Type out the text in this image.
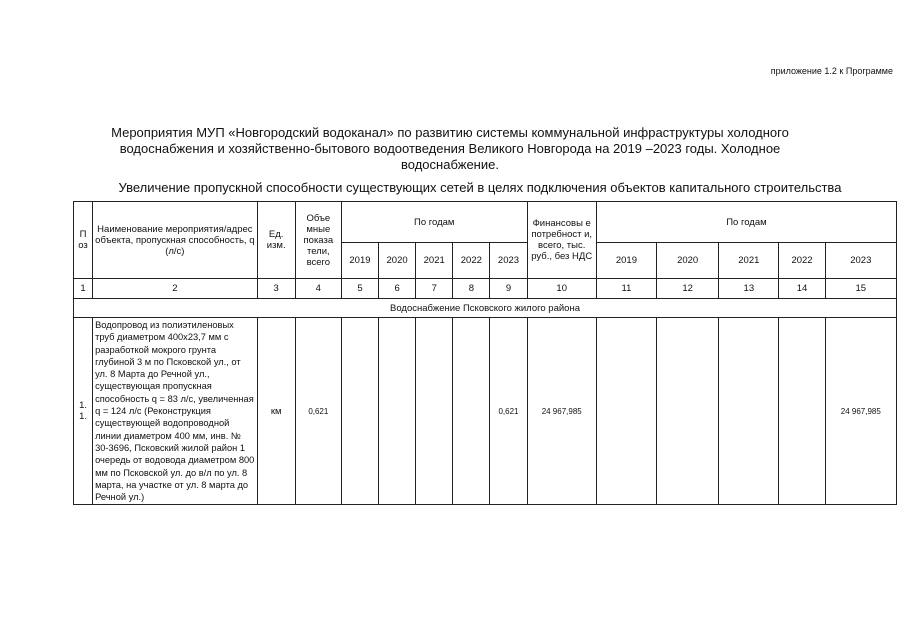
приложение 1.2 к Программе
Мероприятия МУП «Новгородский водоканал» по развитию системы коммунальной инфраструктуры холодного водоснабжения и хозяйственно-бытового водоотведения Великого Новгорода на 2019 –2023 годы. Холодное водоснабжение.
Увеличение пропускной способности существующих сетей в целях подключения объектов капитального строительства
П оз	Наименование мероприятия/адрес объекта, пропускная способность, q (л/с)	Ед. изм.	Объе мные показа тели, всего	По годам					Финансовы е потребност и, всего, тыс. руб., без НДС	По годам				
				2019	2020	2021	2022	2023		2019	2020	2021	2022	2023
1	2	3	4	5	6	7	8	9	10	11	12	13	14	15
Водоснабжение Псковского жилого района														
1. 1.	Водопровод из полиэтиленовых труб диаметром 400х23,7 мм с разработкой мокрого грунта глубиной 3 м по Псковской ул., от ул. 8 Марта до Речной ул., существующая пропускная способность q = 83 л/с, увеличенная q = 124 л/с (Реконструкция существующей водопроводной линии диаметром 400 мм, инв. № 30-3696, Псковский жилой район 1 очередь от водовода диаметром 800 мм по Псковской ул. до в/л по ул. 8 марта, на участке от ул. 8 марта до Речной ул.)	км	0,621					0,621	24 967,985					24 967,985
